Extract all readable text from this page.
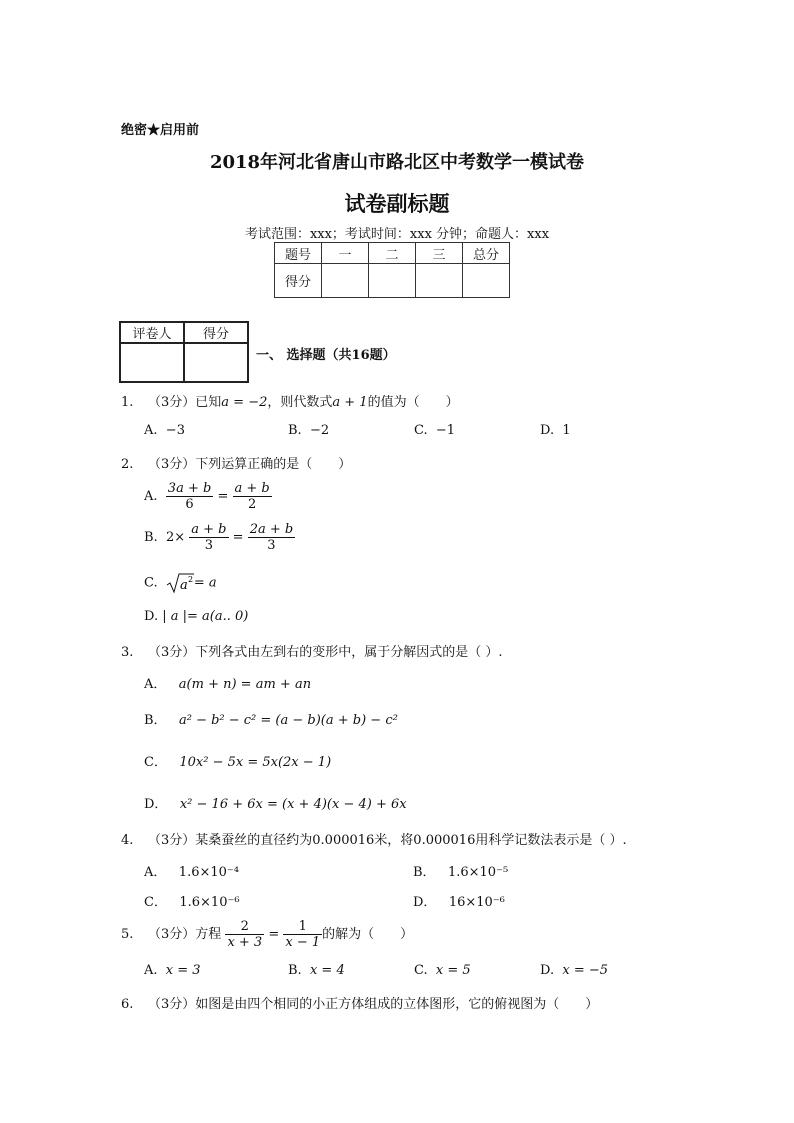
绝密★启用前
2018年河北省唐山市路北区中考数学一模试卷
试卷副标题
考试范围：xxx；考试时间：xxx 分钟；命题人：xxx
题号	一	二	三	总分
得分				
评卷人	得分

一、 选择题（共16题）
1. （3分）已知a = −2，则代数式a + 1的值为（　　）
A. −3	B. −2	C. −1	D. 1
2. （3分）下列运算正确的是（　　）
A. $\frac{3a + b}{6} = \frac{a + b}{2}$
B. $2\times \frac{a + b}{3} = \frac{2a + b}{3}$
C. a 2 = a
D. | a |= a(a.. 0)
3. （3分）下列各式由左到右的变形中，属于分解因式的是（ ）.
A． a(m + n) = am + an
B． a² − b² − c² = (a − b)(a + b) − c²
C． 10x² − 5x = 5x(2x − 1)
D． x² − 16 + 6x = (x + 4)(x − 4) + 6x
4. （3分）某桑蚕丝的直径约为0.000016米，将0.000016用科学记数法表示是（ ）.
A． 1.6×10⁻⁴	B． 1.6×10⁻⁵
C． 1.6×10⁻⁶	D． 16×10⁻⁶
5. （3分）方程 $\frac{2}{x + 3} = \frac{1}{x - 1}$ 的解为（　　）
A. x = 3	B. x = 4	C. x = 5	D. x = −5
6. （3分）如图是由四个相同的小正方体组成的立体图形，它的俯视图为（　　）
